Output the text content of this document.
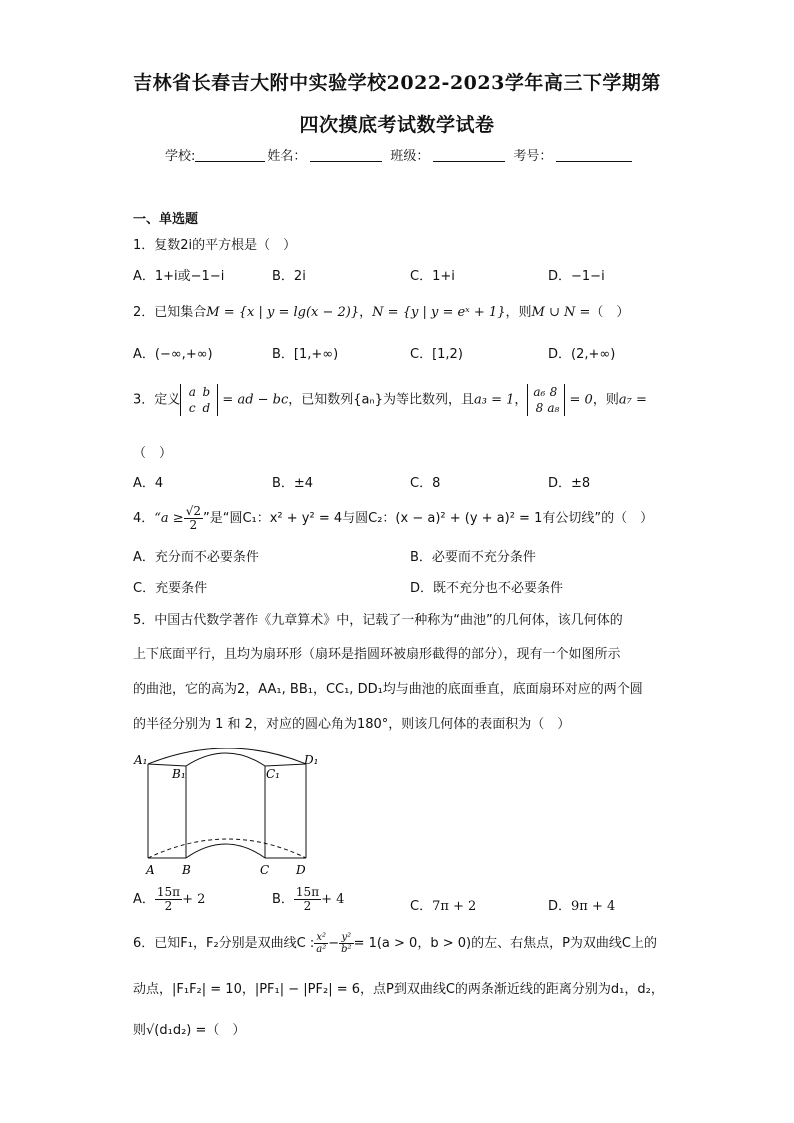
吉林省长春吉大附中实验学校2022-2023学年高三下学期第
四次摸底考试数学试卷
学校:	姓名：	班级：	考号：
一、单选题
1．复数2i的平方根是（　）
A．1+i或−1−i	B．2i	C．1+i	D．−1−i
2．已知集合M = {x | y = lg(x − 2)}，N = {y | y = eˣ + 1}，则M ∪ N =（　）
A．(−∞,+∞)	B．[1,+∞)	C．[1,2)	D．(2,+∞)
3．定义a b
c d = ad − bc，已知数列{aₙ}为等比数列，且a₃ = 1，a₆ 8
8 a₈ = 0，则a₇ =
（　）
A．4	B．±4	C．8	D．±8
4．“$a \ge \frac{√2}{2}$ ”是“圆C₁：x² + y² = 4与圆C₂：(x − a)² + (y + a)² = 1有公切线”的（　）
A．充分而不必要条件	B．必要而不充分条件
C．充要条件	D．既不充分也不必要条件
5．中国古代数学著作《九章算术》中，记载了一种称为“曲池”的几何体，该几何体的
上下底面平行，且均为扇环形（扇环是指圆环被扇形截得的部分），现有一个如图所示
的曲池，它的高为2，AA₁, BB₁，CC₁, DD₁均与曲池的底面垂直，底面扇环对应的两个圆
的半径分别为 1 和 2，对应的圆心角为180°，则该几何体的表面积为（　）
A₁
B₁	C₁
D₁
A B	C D
A． $\frac{15\pi}{2} + 2$	B． $\frac{15\pi}{2} + 4$	C．7π + 2	D．9π + 4
6．已知F₁，F₂分别是双曲线C : $\frac{\text{x²}}{\text{a²}} - \frac{\text{y²}}{\text{b²}} = 1(a > 0$，b > 0)的左、右焦点，P为双曲线C上的
动点，|F₁F₂| = 10，|PF₁| − |PF₂| = 6，点P到双曲线C的两条渐近线的距离分别为d₁，d₂，
则√(d₁d₂) =（　）
